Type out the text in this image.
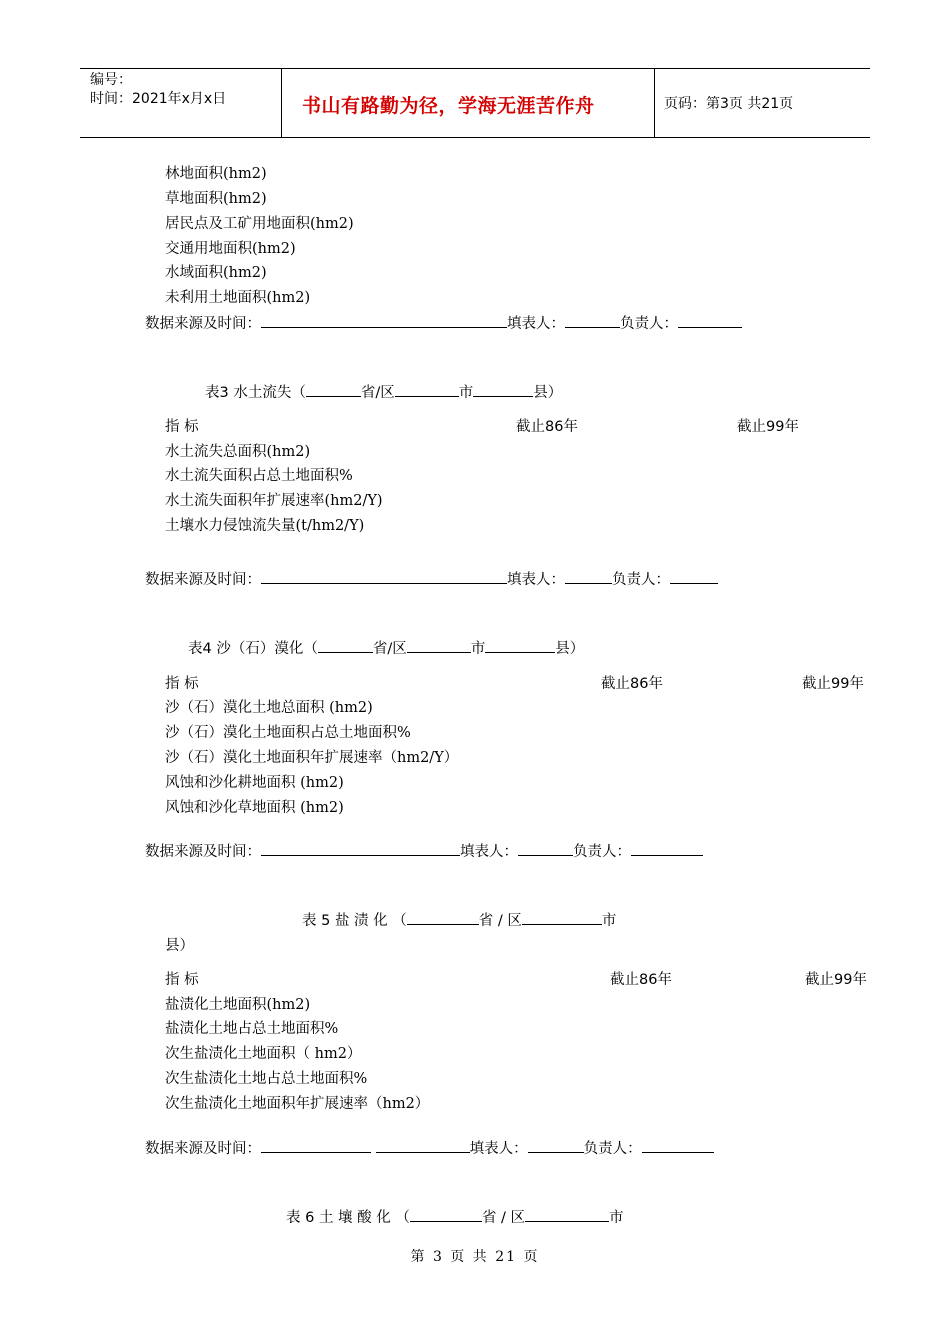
编号：
时间：2021年x月x日	书山有路勤为径，学海无涯苦作舟	页码：第3页 共21页
林地面积(hm2)
草地面积(hm2)
居民点及工矿用地面积(hm2)
交通用地面积(hm2)
水域面积(hm2)
未利用土地面积(hm2)
数据来源及时间：	填表人：	负责人：
表3 水土流失（	省/区	市	县）
指 标	截止86年	截止99年
水土流失总面积(hm2)
水土流失面积占总土地面积%
水土流失面积年扩展速率(hm2/Y)
土壤水力侵蚀流失量(t/hm2/Y)
数据来源及时间：	填表人：	负责人：
表4 沙（石）漠化（	省/区	市	县）
指 标	截止86年	截止99年
沙（石）漠化土地总面积 (hm2)
沙（石）漠化土地面积占总土地面积%
沙（石）漠化土地面积年扩展速率（hm2/Y）
风蚀和沙化耕地面积 (hm2)
风蚀和沙化草地面积 (hm2)
数据来源及时间：	填表人：	负责人：
表 5 盐 渍 化 （	省 / 区	市
县）
指 标	截止86年	截止99年
盐渍化土地面积(hm2)
盐渍化土地占总土地面积%
次生盐渍化土地面积（ hm2）
次生盐渍化土地占总土地面积%
次生盐渍化土地面积年扩展速率（hm2）
数据来源及时间：	填表人：	负责人：
表 6 土 壤 酸 化 （	省 / 区	市
第 3 页 共 21 页
